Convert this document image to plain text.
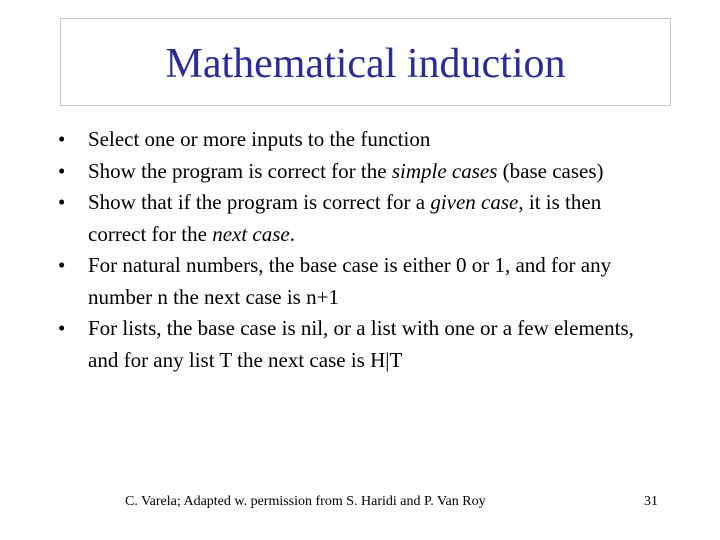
Mathematical induction
•	Select one or more inputs to the function
•	Show the program is correct for the simple cases (base cases)
•	Show that if the program is correct for a given case, it is then correct for the next case.
•	For natural numbers, the base case is either 0 or 1, and for any number n the next case is n+1
•	For lists, the base case is nil, or a list with one or a few elements, and for any list T the next case is H|T
C. Varela; Adapted w. permission from S. Haridi and P. Van Roy	31
